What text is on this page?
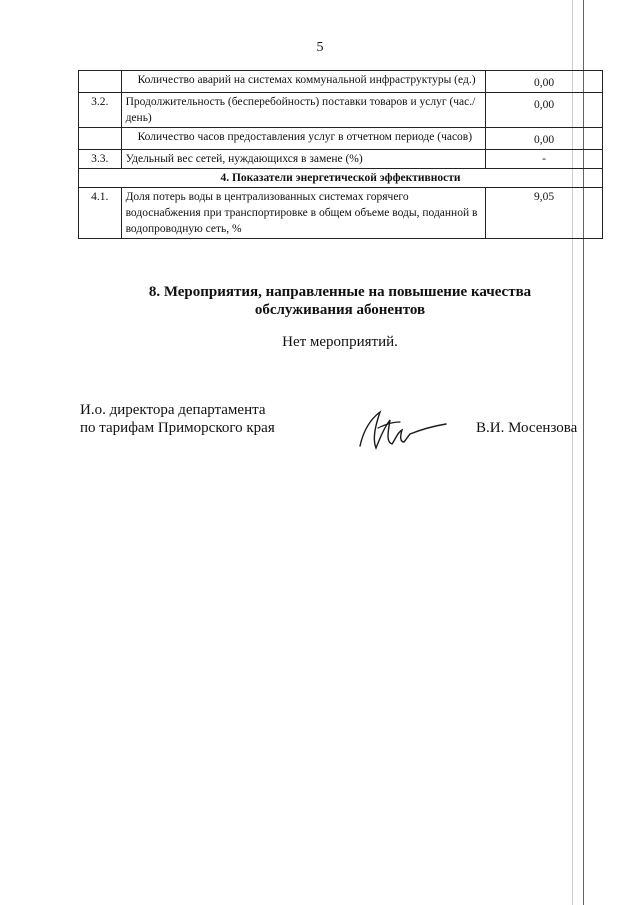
5
	Количество аварий на системах коммунальной инфраструктуры (ед.)	0,00
3.2.	Продолжительность (бесперебойность) поставки товаров и услуг (час./день)	0,00
	Количество часов предоставления услуг в отчетном периоде (часов)	0,00
3.3.	Удельный вес сетей, нуждающихся в замене (%)	-
4. Показатели энергетической эффективности		
4.1.	Доля потерь воды в централизованных системах горячего водоснабжения при транспортировке в общем объеме воды, поданной в водопроводную сеть, %	9,05
8. Мероприятия, направленные на повышение качества
обслуживания абонентов
Нет мероприятий.
И.о. директора департамента
по тарифам Приморского края	В.И. Мосензова
